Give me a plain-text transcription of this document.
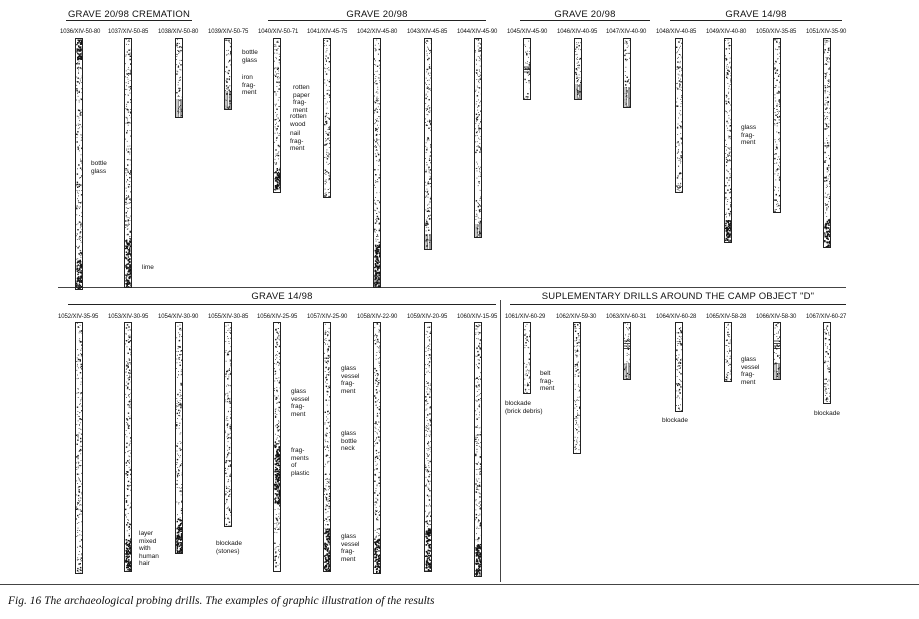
GRAVE 20/98 CREMATION	GRAVE 20/98	GRAVE 20/98	GRAVE 14/98
GRAVE 14/98	SUPLEMENTARY DRILLS AROUND THE CAMP OBJECT "D"
1036/XIV-50-80 1037/XIV-50-85 1038/XIV-50-80 1039/XIV-50-75 1040/XIV-50-71 1041/XIV-45-75 1042/XIV-45-80 1043/XIV-45-85 1044/XIV-45-90 1045/XIV-45-90 1046/XIV-40-95 1047/XIV-40-90 1048/XIV-40-85 1049/XIV-40-80 1050/XIV-35-85 1051/XIV-35-90
1052/XIV-35-95 1053/XIV-30-95 1054/XIV-30-90 1055/XIV-30-85 1056/XIV-25-95 1057/XIV-25-90 1058/XIV-22-90 1059/XIV-20-95 1060/XIV-15-95 1061/XIV-60-29 1062/XIV-59-30 1063/XIV-60-31 1064/XIV-60-28 1065/XIV-58-28 1066/XIV-58-30 1067/XIV-60-27
bottle
glass
lime
bottle
glass
iron
frag-
ment
rotten
paper
frag-
ment
rotten
wood
nail
frag-
ment
glass
frag-
ment
layer
mixed
with
human
hair
blockade
(stones)
glass
vessel
frag-
ment
frag-
ments
of
plastic
glass
vessel
frag-
ment
glass
bottle
neck
glass
vessel
frag-
ment
belt
frag-
ment
blockade
(brick debris)
blockade
glass
vessel
frag-
ment
blockade
Fig. 16 The archaeological probing drills. The examples of graphic illustration of the results
